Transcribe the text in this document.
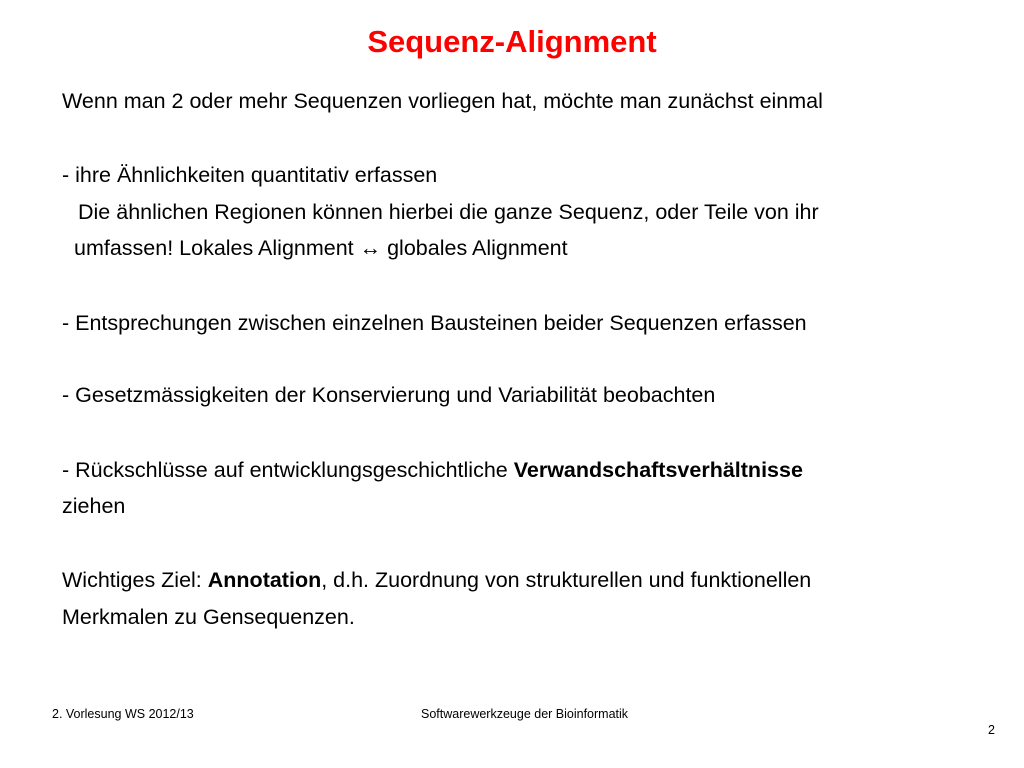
Sequenz-Alignment
Wenn man 2 oder mehr Sequenzen vorliegen hat, möchte man zunächst einmal
- ihre Ähnlichkeiten quantitativ erfassen
Die ähnlichen Regionen können hierbei die ganze Sequenz, oder Teile von ihr
umfassen! Lokales Alignment ↔ globales Alignment
- Entsprechungen zwischen einzelnen Bausteinen beider Sequenzen erfassen
- Gesetzmässigkeiten der Konservierung und Variabilität beobachten
- Rückschlüsse auf entwicklungsgeschichtliche Verwandschaftsverhältnisse
ziehen
Wichtiges Ziel: Annotation, d.h. Zuordnung von strukturellen und funktionellen
Merkmalen zu Gensequenzen.
2. Vorlesung WS 2012/13	Softwarewerkzeuge der Bioinformatik
2
